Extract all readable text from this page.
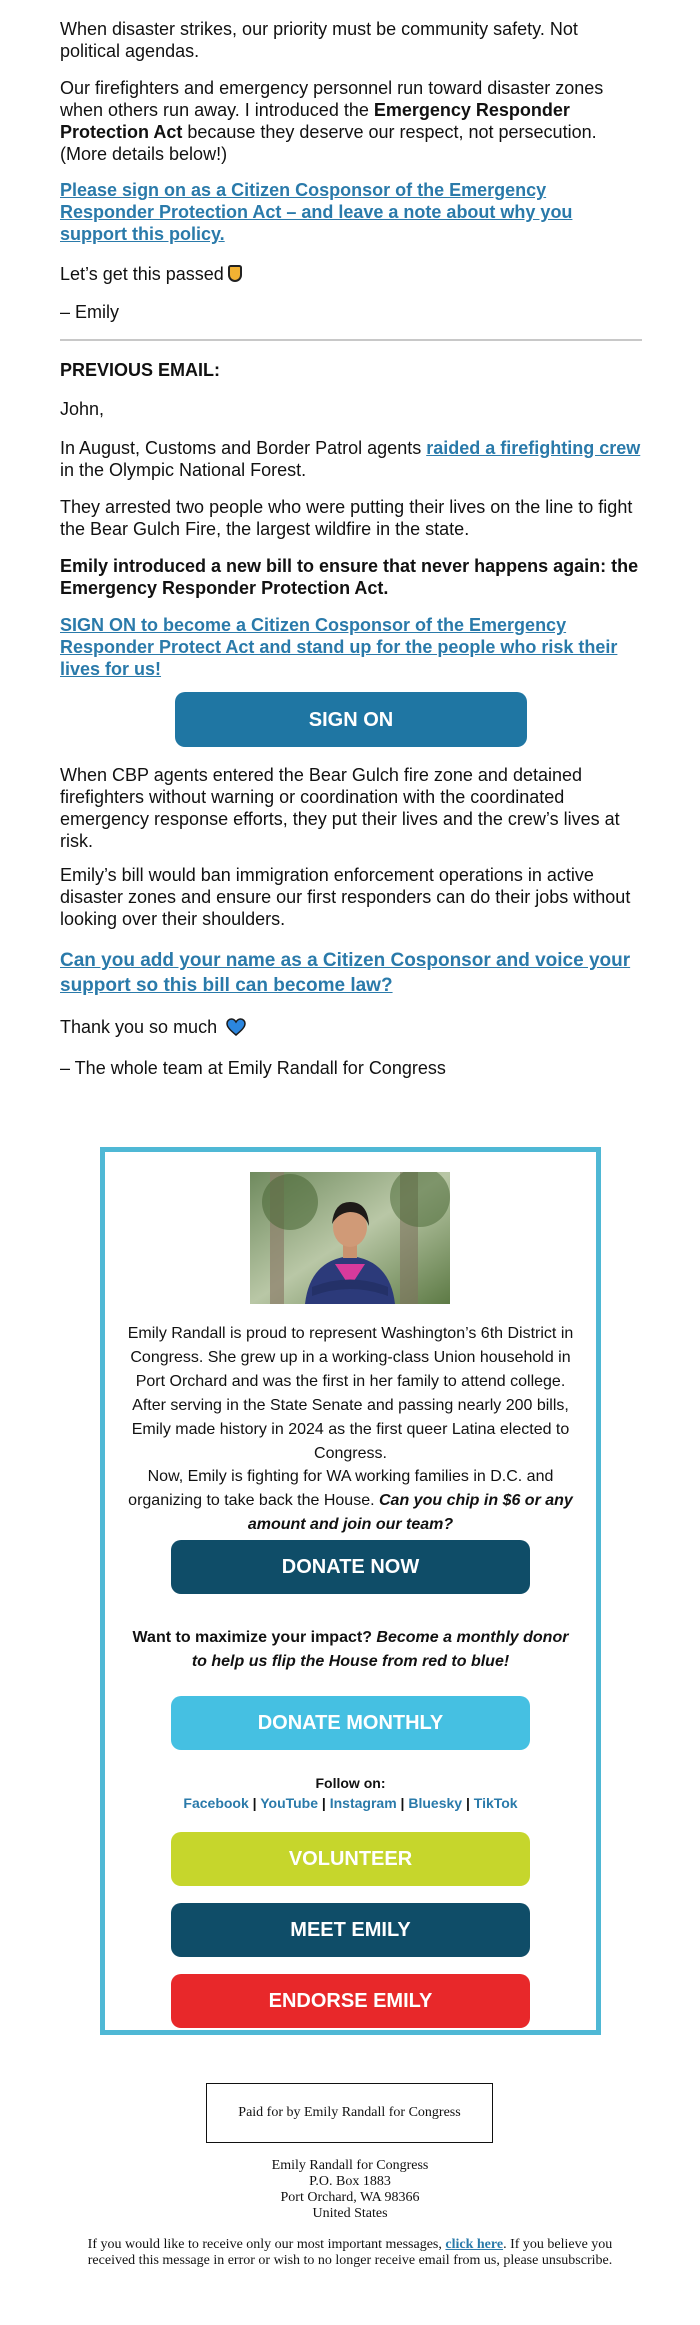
When disaster strikes, our priority must be community safety. Not political agendas.
Our firefighters and emergency personnel run toward disaster zones when others run away. I introduced the Emergency Responder Protection Act because they deserve our respect, not persecution. (More details below!)
Please sign on as a Citizen Cosponsor of the Emergency Responder Protection Act – and leave a note about why you support this policy.
Let’s get this passed
– Emily
PREVIOUS EMAIL:
John,
In August, Customs and Border Patrol agents raided a firefighting crew in the Olympic National Forest.
They arrested two people who were putting their lives on the line to fight the Bear Gulch Fire, the largest wildfire in the state.
Emily introduced a new bill to ensure that never happens again: the Emergency Responder Protection Act.
SIGN ON to become a Citizen Cosponsor of the Emergency Responder Protect Act and stand up for the people who risk their lives for us!
SIGN ON
When CBP agents entered the Bear Gulch fire zone and detained firefighters without warning or coordination with the coordinated emergency response efforts, they put their lives and the crew’s lives at risk.
Emily’s bill would ban immigration enforcement operations in active disaster zones and ensure our first responders can do their jobs without looking over their shoulders.
Can you add your name as a Citizen Cosponsor and voice your support so this bill can become law?
Thank you so much
– The whole team at Emily Randall for Congress
Emily Randall is proud to represent Washington’s 6th District in Congress. She grew up in a working-class Union household in Port Orchard and was the first in her family to attend college. After serving in the State Senate and passing nearly 200 bills, Emily made history in 2024 as the first queer Latina elected to Congress.
Now, Emily is fighting for WA working families in D.C. and organizing to take back the House. Can you chip in $6 or any amount and join our team?
DONATE NOW
Want to maximize your impact? Become a monthly donor to help us flip the House from red to blue!
DONATE MONTHLY
Follow on:
Facebook | YouTube | Instagram | Bluesky | TikTok
VOLUNTEER
MEET EMILY
ENDORSE EMILY
Paid for by Emily Randall for Congress
Emily Randall for Congress
P.O. Box 1883
Port Orchard, WA 98366
United States
If you would like to receive only our most important messages, click here. If you believe you received this message in error or wish to no longer receive email from us, please unsubscribe.
